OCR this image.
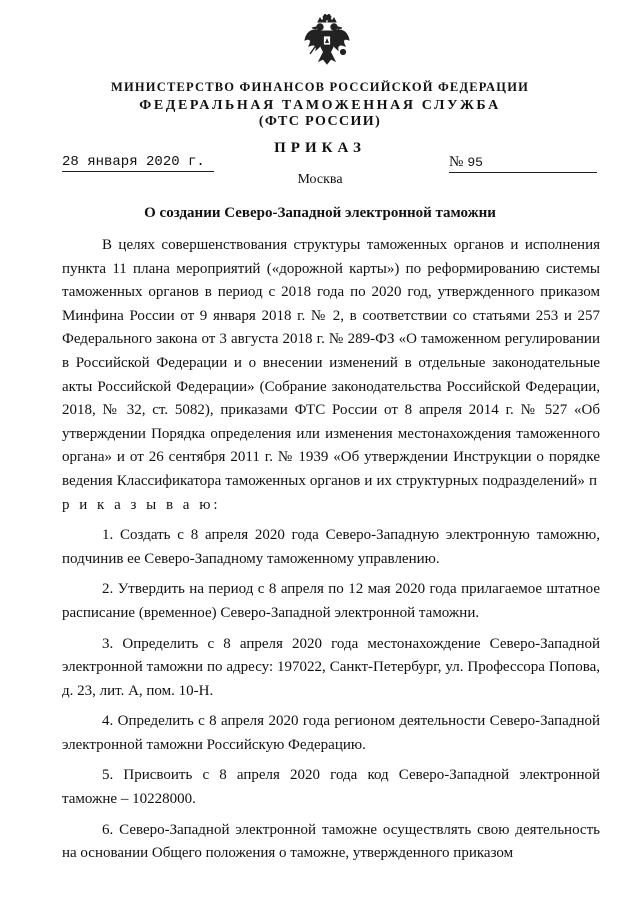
МИНИСТЕРСТВО ФИНАНСОВ РОССИЙСКОЙ ФЕДЕРАЦИИ
ФЕДЕРАЛЬНАЯ ТАМОЖЕННАЯ СЛУЖБА
(ФТС РОССИИ)
ПРИКАЗ
28 января 2020 г.	№ 95
Москва
О создании Северо-Западной электронной таможни

В целях совершенствования структуры таможенных органов и исполнения пункта 11 плана мероприятий («дорожной карты») по реформированию системы таможенных органов в период с 2018 года по 2020 год, утвержденного приказом Минфина России от 9 января 2018 г. № 2, в соответствии со статьями 253 и 257 Федерального закона от 3 августа 2018 г. № 289-ФЗ «О таможенном регулировании в Российской Федерации и о внесении изменений в отдельные законодательные акты Российской Федерации» (Собрание законодательства Российской Федерации, 2018, № 32, ст. 5082), приказами ФТС России от 8 апреля 2014 г. № 527 «Об утверждении Порядка определения или изменения местонахождения таможенного органа» и от 26 сентября 2011 г. № 1939 «Об утверждении Инструкции о порядке ведения Классификатора таможенных органов и их структурных подразделений» п р и к а з ы в а ю:

1. Создать с 8 апреля 2020 года Северо-Западную электронную таможню, подчинив ее Северо-Западному таможенному управлению.

2. Утвердить на период с 8 апреля по 12 мая 2020 года прилагаемое штатное расписание (временное) Северо-Западной электронной таможни.

3. Определить с 8 апреля 2020 года местонахождение Северо-Западной электронной таможни по адресу: 197022, Санкт-Петербург, ул. Профессора Попова, д. 23, лит. А, пом. 10-Н.

4. Определить с 8 апреля 2020 года регионом деятельности Северо-Западной электронной таможни Российскую Федерацию.

5. Присвоить с 8 апреля 2020 года код Северо-Западной электронной таможне – 10228000.

6. Северо-Западной электронной таможне осуществлять свою деятельность на основании Общего положения о таможне, утвержденного приказом
